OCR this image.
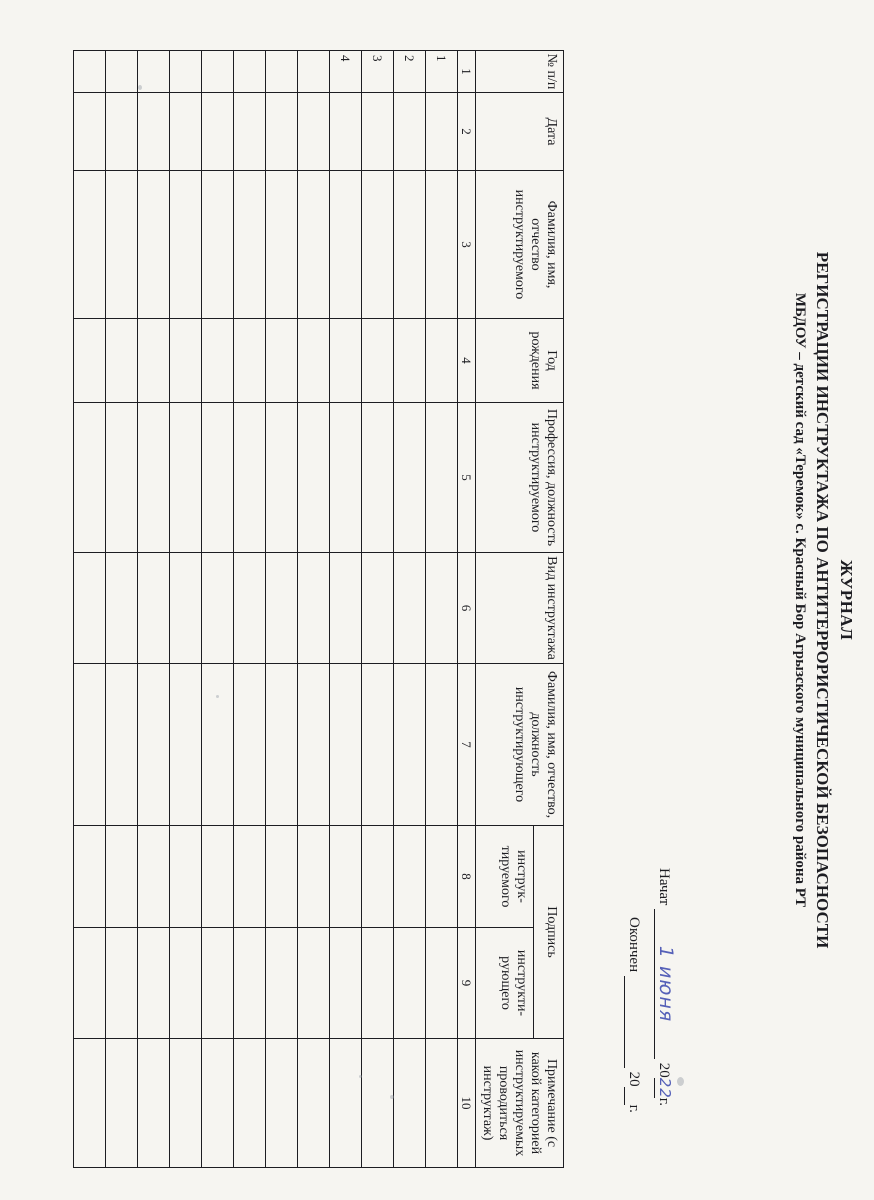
ЖУРНАЛ
РЕГИСТРАЦИИ ИНСТРУКТАЖА ПО АНТИТЕРРОРИСТИЧЕСКОЙ БЕЗОПАСНОСТИ
МБДОУ – детский сад «Теремок» с. Красный Бор Агрызского муниципального района РТ
Начат 1 июня 2022г.
Окончен   20 г.
№ п/п	Дата	Фамилия, имя, отчество инструктируемого	Год рождения	Профессия, должность инструктируемого	Вид инструктажа	Фамилия, имя, отчество, должность инструктирующего	Подпись		Примечание (с какой категорией инструктируемых проводиться инструктаж)
							инструк-тируемого	инструкти-рующего	
1	2	3	4	5	6	7	8	9	10
1									
2									
3									
4									
